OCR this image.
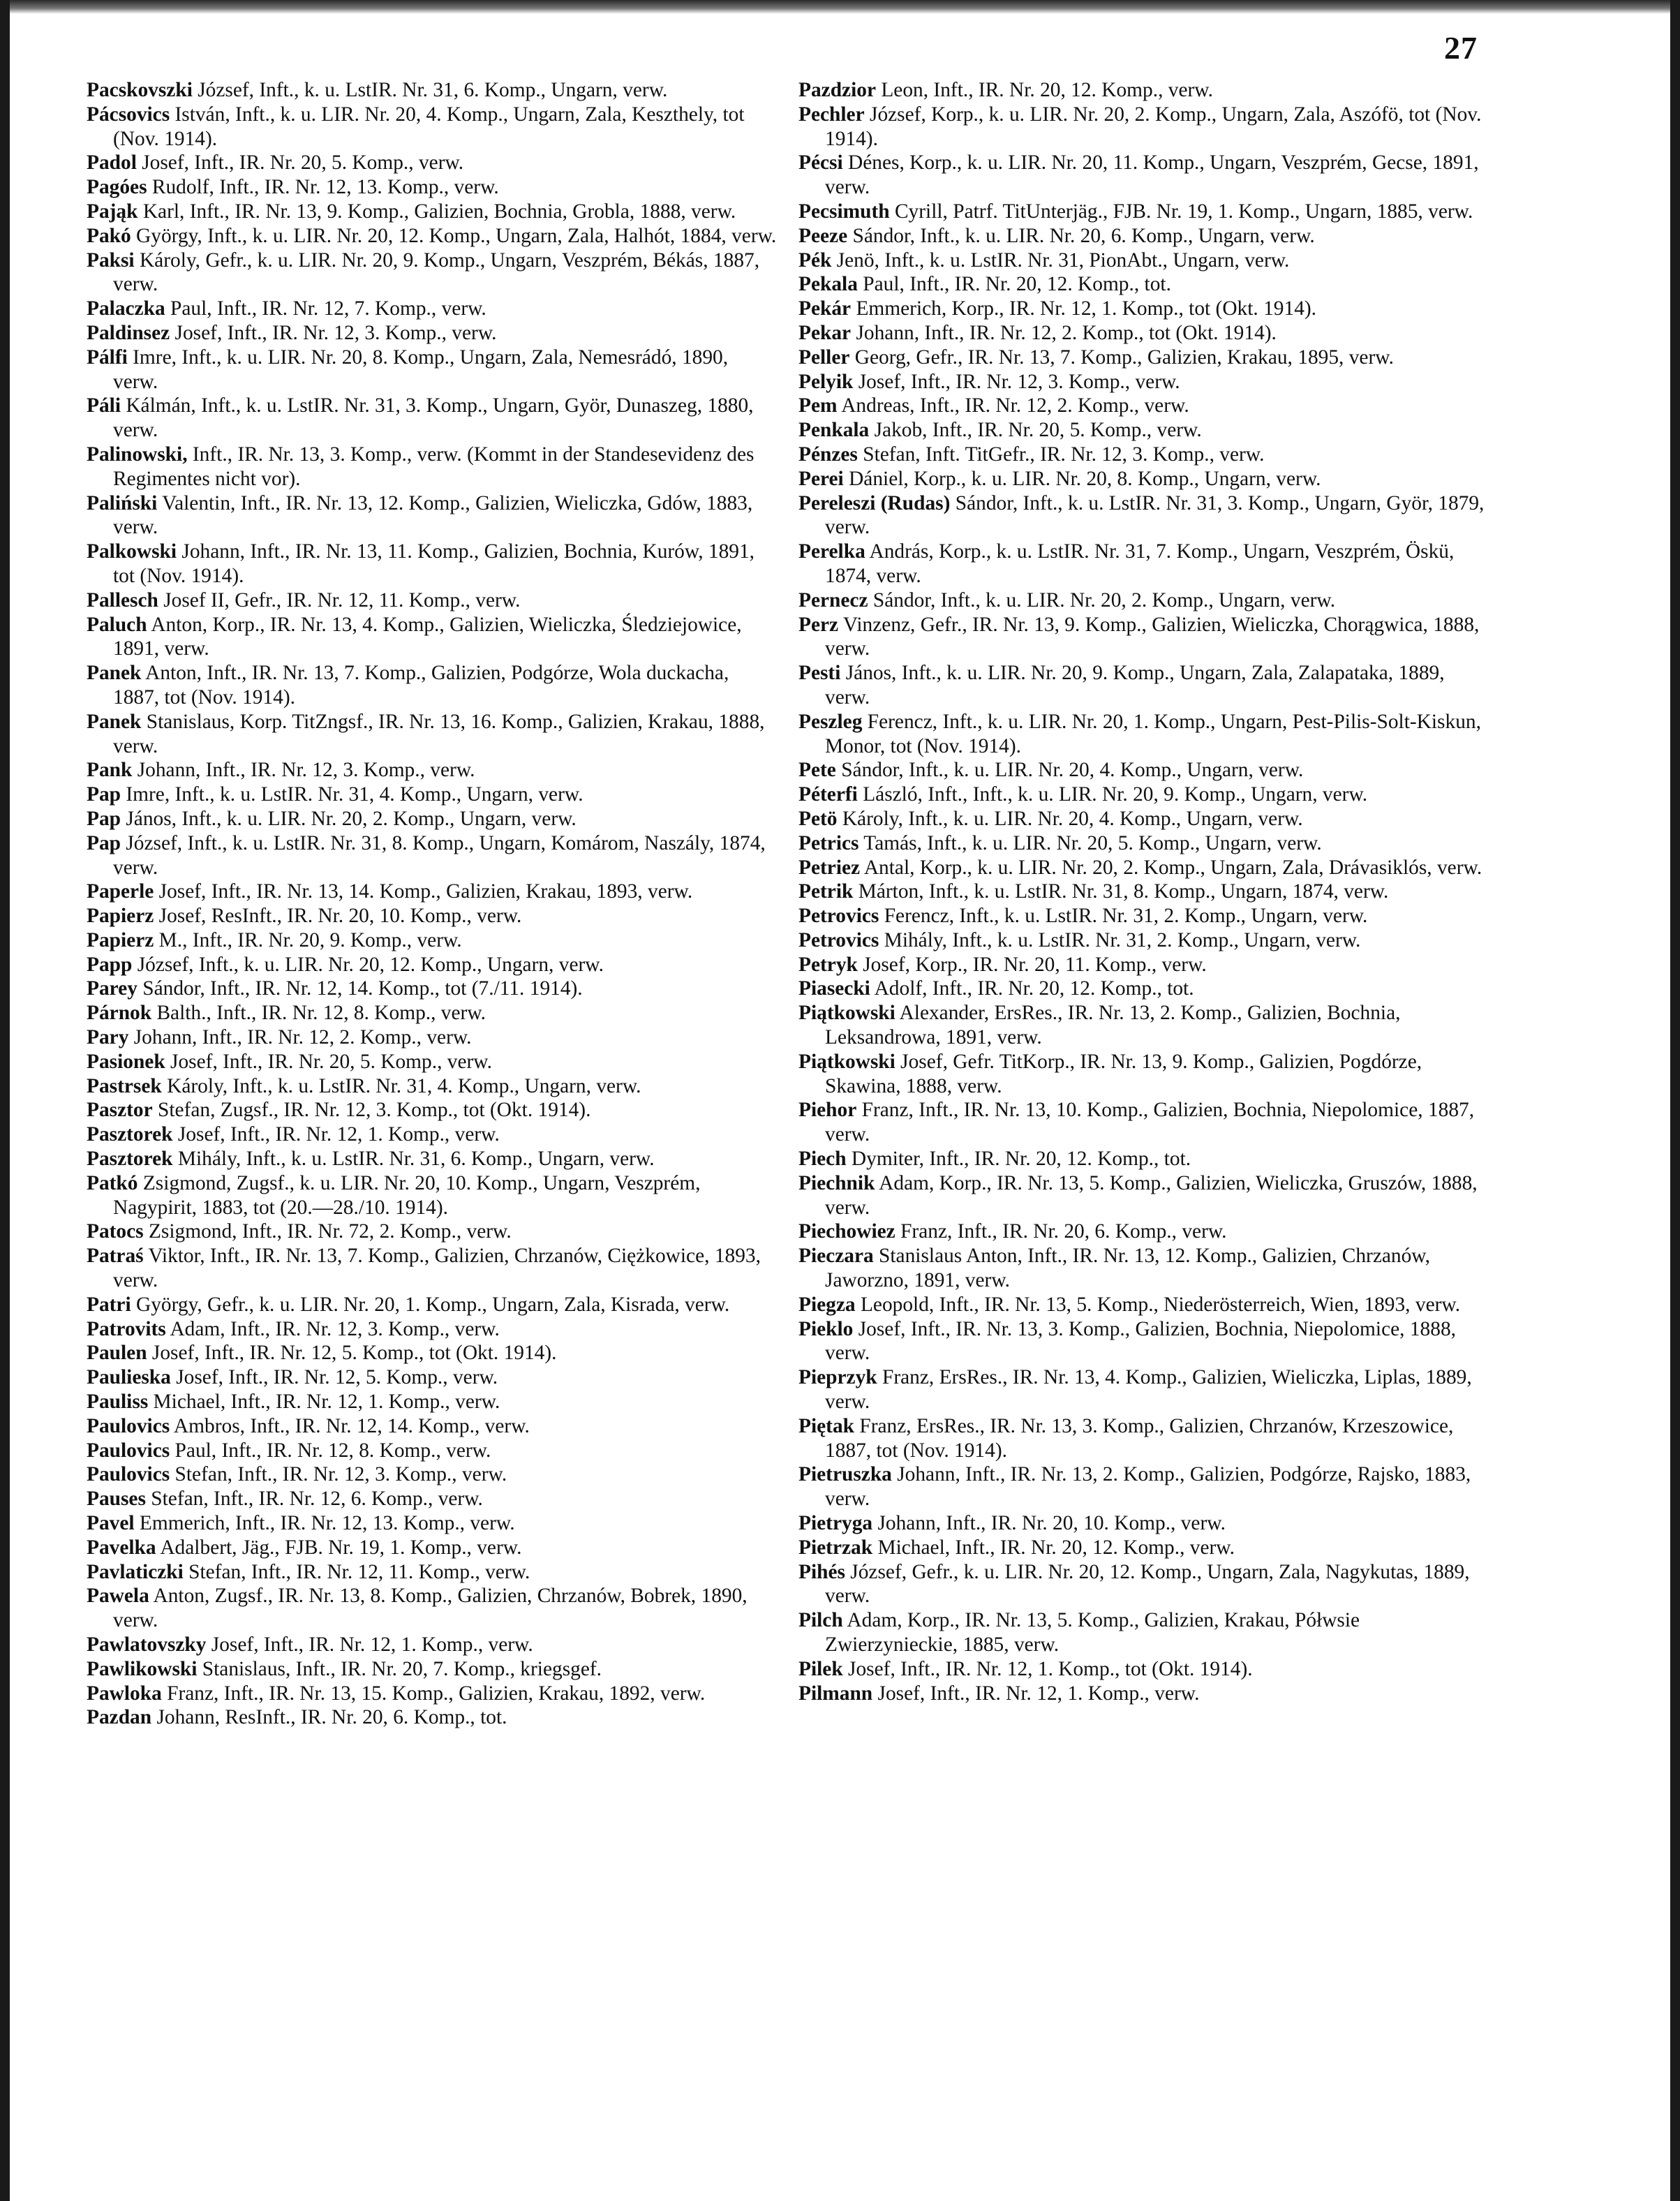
27
Pacskovszki József, Inft., k. u. LstIR. Nr. 31, 6. Komp., Ungarn, verw.
Pácsovics István, Inft., k. u. LIR. Nr. 20, 4. Komp., Ungarn, Zala, Keszthely, tot (Nov. 1914).
Padol Josef, Inft., IR. Nr. 20, 5. Komp., verw.
Pagóes Rudolf, Inft., IR. Nr. 12, 13. Komp., verw.
Pająk Karl, Inft., IR. Nr. 13, 9. Komp., Galizien, Bochnia, Grobla, 1888, verw.
Pakó György, Inft., k. u. LIR. Nr. 20, 12. Komp., Ungarn, Zala, Halhót, 1884, verw.
Paksi Károly, Gefr., k. u. LIR. Nr. 20, 9. Komp., Ungarn, Veszprém, Békás, 1887, verw.
Palaczka Paul, Inft., IR. Nr. 12, 7. Komp., verw.
Paldinsez Josef, Inft., IR. Nr. 12, 3. Komp., verw.
Pálfi Imre, Inft., k. u. LIR. Nr. 20, 8. Komp., Ungarn, Zala, Nemesrádó, 1890, verw.
Páli Kálmán, Inft., k. u. LstIR. Nr. 31, 3. Komp., Ungarn, Györ, Dunaszeg, 1880, verw.
Palinowski, Inft., IR. Nr. 13, 3. Komp., verw. (Kommt in der Standesevidenz des Regimentes nicht vor).
Paliński Valentin, Inft., IR. Nr. 13, 12. Komp., Galizien, Wieliczka, Gdów, 1883, verw.
Palkowski Johann, Inft., IR. Nr. 13, 11. Komp., Galizien, Bochnia, Kurów, 1891, tot (Nov. 1914).
Pallesch Josef II, Gefr., IR. Nr. 12, 11. Komp., verw.
Paluch Anton, Korp., IR. Nr. 13, 4. Komp., Galizien, Wieliczka, Śledziejowice, 1891, verw.
Panek Anton, Inft., IR. Nr. 13, 7. Komp., Galizien, Podgórze, Wola duckacha, 1887, tot (Nov. 1914).
Panek Stanislaus, Korp. TitZngsf., IR. Nr. 13, 16. Komp., Galizien, Krakau, 1888, verw.
Pank Johann, Inft., IR. Nr. 12, 3. Komp., verw.
Pap Imre, Inft., k. u. LstIR. Nr. 31, 4. Komp., Ungarn, verw.
Pap János, Inft., k. u. LIR. Nr. 20, 2. Komp., Ungarn, verw.
Pap József, Inft., k. u. LstIR. Nr. 31, 8. Komp., Ungarn, Komárom, Naszály, 1874, verw.
Paperle Josef, Inft., IR. Nr. 13, 14. Komp., Galizien, Krakau, 1893, verw.
Papierz Josef, ResInft., IR. Nr. 20, 10. Komp., verw.
Papierz M., Inft., IR. Nr. 20, 9. Komp., verw.
Papp József, Inft., k. u. LIR. Nr. 20, 12. Komp., Ungarn, verw.
Parey Sándor, Inft., IR. Nr. 12, 14. Komp., tot (7./11. 1914).
Párnok Balth., Inft., IR. Nr. 12, 8. Komp., verw.
Pary Johann, Inft., IR. Nr. 12, 2. Komp., verw.
Pasionek Josef, Inft., IR. Nr. 20, 5. Komp., verw.
Pastrsek Károly, Inft., k. u. LstIR. Nr. 31, 4. Komp., Ungarn, verw.
Pasztor Stefan, Zugsf., IR. Nr. 12, 3. Komp., tot (Okt. 1914).
Pasztorek Josef, Inft., IR. Nr. 12, 1. Komp., verw.
Pasztorek Mihály, Inft., k. u. LstIR. Nr. 31, 6. Komp., Ungarn, verw.
Patkó Zsigmond, Zugsf., k. u. LIR. Nr. 20, 10. Komp., Ungarn, Veszprém, Nagypirit, 1883, tot (20.—28./10. 1914).
Patocs Zsigmond, Inft., IR. Nr. 72, 2. Komp., verw.
Patraś Viktor, Inft., IR. Nr. 13, 7. Komp., Galizien, Chrzanów, Ciężkowice, 1893, verw.
Patri György, Gefr., k. u. LIR. Nr. 20, 1. Komp., Ungarn, Zala, Kisrada, verw.
Patrovits Adam, Inft., IR. Nr. 12, 3. Komp., verw.
Paulen Josef, Inft., IR. Nr. 12, 5. Komp., tot (Okt. 1914).
Paulieska Josef, Inft., IR. Nr. 12, 5. Komp., verw.
Pauliss Michael, Inft., IR. Nr. 12, 1. Komp., verw.
Paulovics Ambros, Inft., IR. Nr. 12, 14. Komp., verw.
Paulovics Paul, Inft., IR. Nr. 12, 8. Komp., verw.
Paulovics Stefan, Inft., IR. Nr. 12, 3. Komp., verw.
Pauses Stefan, Inft., IR. Nr. 12, 6. Komp., verw.
Pavel Emmerich, Inft., IR. Nr. 12, 13. Komp., verw.
Pavelka Adalbert, Jäg., FJB. Nr. 19, 1. Komp., verw.
Pavlaticzki Stefan, Inft., IR. Nr. 12, 11. Komp., verw.
Pawela Anton, Zugsf., IR. Nr. 13, 8. Komp., Galizien, Chrzanów, Bobrek, 1890, verw.
Pawlatovszky Josef, Inft., IR. Nr. 12, 1. Komp., verw.
Pawlikowski Stanislaus, Inft., IR. Nr. 20, 7. Komp., kriegsgef.
Pawloka Franz, Inft., IR. Nr. 13, 15. Komp., Galizien, Krakau, 1892, verw.
Pazdan Johann, ResInft., IR. Nr. 20, 6. Komp., tot.
Pazdzior Leon, Inft., IR. Nr. 20, 12. Komp., verw.
Pechler József, Korp., k. u. LIR. Nr. 20, 2. Komp., Ungarn, Zala, Aszófö, tot (Nov. 1914).
Pécsi Dénes, Korp., k. u. LIR. Nr. 20, 11. Komp., Ungarn, Veszprém, Gecse, 1891, verw.
Pecsimuth Cyrill, Patrf. TitUnterjäg., FJB. Nr. 19, 1. Komp., Ungarn, 1885, verw.
Peeze Sándor, Inft., k. u. LIR. Nr. 20, 6. Komp., Ungarn, verw.
Pék Jenö, Inft., k. u. LstIR. Nr. 31, PionAbt., Ungarn, verw.
Pekala Paul, Inft., IR. Nr. 20, 12. Komp., tot.
Pekár Emmerich, Korp., IR. Nr. 12, 1. Komp., tot (Okt. 1914).
Pekar Johann, Inft., IR. Nr. 12, 2. Komp., tot (Okt. 1914).
Peller Georg, Gefr., IR. Nr. 13, 7. Komp., Galizien, Krakau, 1895, verw.
Pelyik Josef, Inft., IR. Nr. 12, 3. Komp., verw.
Pem Andreas, Inft., IR. Nr. 12, 2. Komp., verw.
Penkala Jakob, Inft., IR. Nr. 20, 5. Komp., verw.
Pénzes Stefan, Inft. TitGefr., IR. Nr. 12, 3. Komp., verw.
Perei Dániel, Korp., k. u. LIR. Nr. 20, 8. Komp., Ungarn, verw.
Pereleszi (Rudas) Sándor, Inft., k. u. LstIR. Nr. 31, 3. Komp., Ungarn, Györ, 1879, verw.
Perelka András, Korp., k. u. LstIR. Nr. 31, 7. Komp., Ungarn, Veszprém, Öskü, 1874, verw.
Pernecz Sándor, Inft., k. u. LIR. Nr. 20, 2. Komp., Ungarn, verw.
Perz Vinzenz, Gefr., IR. Nr. 13, 9. Komp., Galizien, Wieliczka, Chorągwica, 1888, verw.
Pesti János, Inft., k. u. LIR. Nr. 20, 9. Komp., Ungarn, Zala, Zalapataka, 1889, verw.
Peszleg Ferencz, Inft., k. u. LIR. Nr. 20, 1. Komp., Ungarn, Pest-Pilis-Solt-Kiskun, Monor, tot (Nov. 1914).
Pete Sándor, Inft., k. u. LIR. Nr. 20, 4. Komp., Ungarn, verw.
Péterfi László, Inft., Inft., k. u. LIR. Nr. 20, 9. Komp., Ungarn, verw.
Petö Károly, Inft., k. u. LIR. Nr. 20, 4. Komp., Ungarn, verw.
Petrics Tamás, Inft., k. u. LIR. Nr. 20, 5. Komp., Ungarn, verw.
Petriez Antal, Korp., k. u. LIR. Nr. 20, 2. Komp., Ungarn, Zala, Drávasiklós, verw.
Petrik Márton, Inft., k. u. LstIR. Nr. 31, 8. Komp., Ungarn, 1874, verw.
Petrovics Ferencz, Inft., k. u. LstIR. Nr. 31, 2. Komp., Ungarn, verw.
Petrovics Mihály, Inft., k. u. LstIR. Nr. 31, 2. Komp., Ungarn, verw.
Petryk Josef, Korp., IR. Nr. 20, 11. Komp., verw.
Piasecki Adolf, Inft., IR. Nr. 20, 12. Komp., tot.
Piątkowski Alexander, ErsRes., IR. Nr. 13, 2. Komp., Galizien, Bochnia, Leksandrowa, 1891, verw.
Piątkowski Josef, Gefr. TitKorp., IR. Nr. 13, 9. Komp., Galizien, Pogdórze, Skawina, 1888, verw.
Piehor Franz, Inft., IR. Nr. 13, 10. Komp., Galizien, Bochnia, Niepolomice, 1887, verw.
Piech Dymiter, Inft., IR. Nr. 20, 12. Komp., tot.
Piechnik Adam, Korp., IR. Nr. 13, 5. Komp., Galizien, Wieliczka, Gruszów, 1888, verw.
Piechowiez Franz, Inft., IR. Nr. 20, 6. Komp., verw.
Pieczara Stanislaus Anton, Inft., IR. Nr. 13, 12. Komp., Galizien, Chrzanów, Jaworzno, 1891, verw.
Piegza Leopold, Inft., IR. Nr. 13, 5. Komp., Niederösterreich, Wien, 1893, verw.
Pieklo Josef, Inft., IR. Nr. 13, 3. Komp., Galizien, Bochnia, Niepolomice, 1888, verw.
Pieprzyk Franz, ErsRes., IR. Nr. 13, 4. Komp., Galizien, Wieliczka, Liplas, 1889, verw.
Piętak Franz, ErsRes., IR. Nr. 13, 3. Komp., Galizien, Chrzanów, Krzeszowice, 1887, tot (Nov. 1914).
Pietruszka Johann, Inft., IR. Nr. 13, 2. Komp., Galizien, Podgórze, Rajsko, 1883, verw.
Pietryga Johann, Inft., IR. Nr. 20, 10. Komp., verw.
Pietrzak Michael, Inft., IR. Nr. 20, 12. Komp., verw.
Pihés József, Gefr., k. u. LIR. Nr. 20, 12. Komp., Ungarn, Zala, Nagykutas, 1889, verw.
Pilch Adam, Korp., IR. Nr. 13, 5. Komp., Galizien, Krakau, Półwsie Zwierzynieckie, 1885, verw.
Pilek Josef, Inft., IR. Nr. 12, 1. Komp., tot (Okt. 1914).
Pilmann Josef, Inft., IR. Nr. 12, 1. Komp., verw.
